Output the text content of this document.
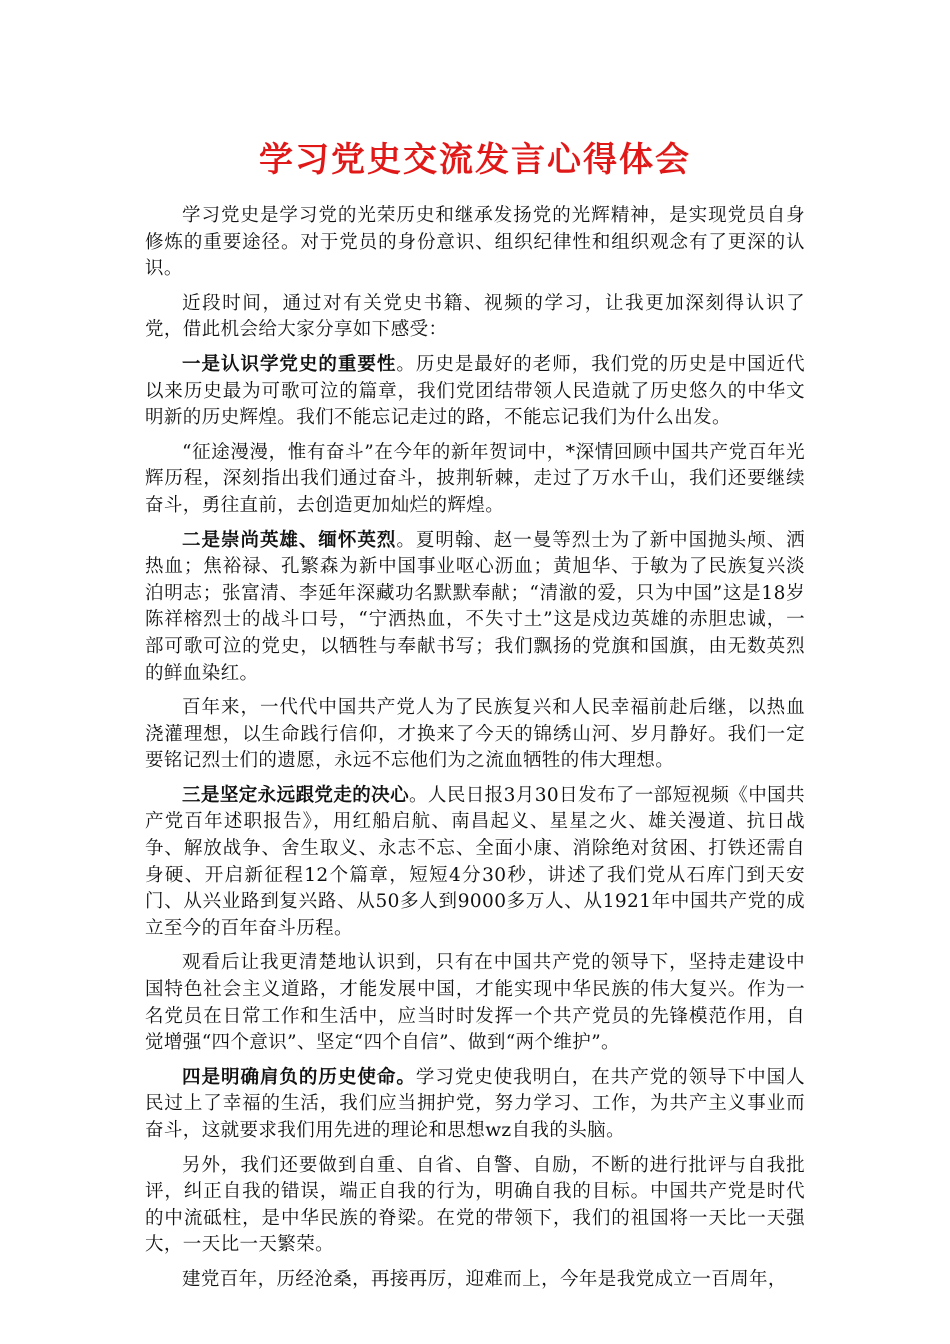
学习党史交流发言心得体会

学习党史是学习党的光荣历史和继承发扬党的光辉精神，是实现党员自身修炼的重要途径。对于党员的身份意识、组织纪律性和组织观念有了更深的认识。

近段时间，通过对有关党史书籍、视频的学习，让我更加深刻得认识了党，借此机会给大家分享如下感受：

一是认识学党史的重要性。历史是最好的老师，我们党的历史是中国近代以来历史最为可歌可泣的篇章，我们党团结带领人民造就了历史悠久的中华文明新的历史辉煌。我们不能忘记走过的路，不能忘记我们为什么出发。

“征途漫漫，惟有奋斗”在今年的新年贺词中，*深情回顾中国共产党百年光辉历程，深刻指出我们通过奋斗，披荆斩棘，走过了万水千山，我们还要继续奋斗，勇往直前，去创造更加灿烂的辉煌。

二是崇尚英雄、缅怀英烈。夏明翰、赵一曼等烈士为了新中国抛头颅、洒热血；焦裕禄、孔繁森为新中国事业呕心沥血；黄旭华、于敏为了民族复兴淡泊明志；张富清、李延年深藏功名默默奉献；“清澈的爱，只为中国”这是18岁陈祥榕烈士的战斗口号，“宁洒热血，不失寸土”这是戍边英雄的赤胆忠诚，一部可歌可泣的党史，以牺牲与奉献书写；我们飘扬的党旗和国旗，由无数英烈的鲜血染红。

百年来，一代代中国共产党人为了民族复兴和人民幸福前赴后继，以热血浇灌理想，以生命践行信仰，才换来了今天的锦绣山河、岁月静好。我们一定要铭记烈士们的遗愿，永远不忘他们为之流血牺牲的伟大理想。

三是坚定永远跟党走的决心。人民日报3月30日发布了一部短视频《中国共产党百年述职报告》，用红船启航、南昌起义、星星之火、雄关漫道、抗日战争、解放战争、舍生取义、永志不忘、全面小康、消除绝对贫困、打铁还需自身硬、开启新征程12个篇章，短短4分30秒，讲述了我们党从石库门到天安门、从兴业路到复兴路、从50多人到9000多万人、从1921年中国共产党的成立至今的百年奋斗历程。

观看后让我更清楚地认识到，只有在中国共产党的领导下，坚持走建设中国特色社会主义道路，才能发展中国，才能实现中华民族的伟大复兴。作为一名党员在日常工作和生活中，应当时时发挥一个共产党员的先锋模范作用，自觉增强“四个意识”、坚定“四个自信”、做到“两个维护”。

四是明确肩负的历史使命。学习党史使我明白，在共产党的领导下中国人民过上了幸福的生活，我们应当拥护党，努力学习、工作，为共产主义事业而奋斗，这就要求我们用先进的理论和思想wz自我的头脑。

另外，我们还要做到自重、自省、自警、自励，不断的进行批评与自我批评，纠正自我的错误，端正自我的行为，明确自我的目标。中国共产党是时代的中流砥柱，是中华民族的脊梁。在党的带领下，我们的祖国将一天比一天强大，一天比一天繁荣。

建党百年，历经沧桑，再接再厉，迎难而上，今年是我党成立一百周年，
